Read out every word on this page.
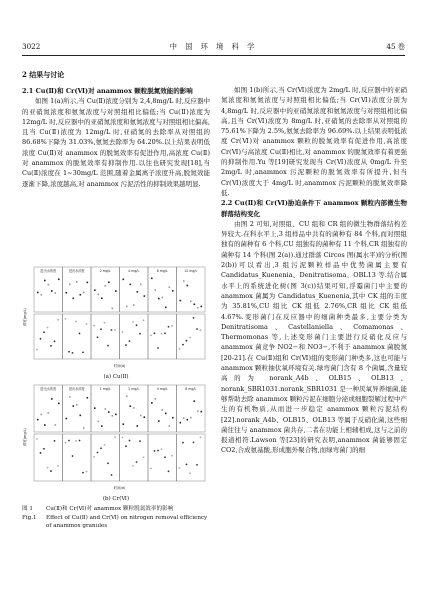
3022	中 国 环 境 科 学	45 卷
2 结果与讨论

2.1 Cu(Ⅱ)和 Cr(Ⅵ)对 anammox 颗粒脱氮效能的影响

如图 1(a)所示,当 Cu(Ⅱ)浓度分别为 2,4,8mg/L 时,反应器中的亚硝氮浓度和氨氮浓度与对照组相比偏低;当 Cu(Ⅱ)浓度为 12mg/L 时,反应器中的亚硝氮浓度和氨氮浓度与对照组相比偏高,且当 Cu(Ⅱ)浓度为 12mg/L 时,亚硝氮的去除率从对照组的 86.68%下降为 31.03%,氨氮去除率为 64.20%.以上结果表明低浓度 Cu(Ⅱ)对 anammox 的脱氮效率有促进作用,高浓度 Cu(Ⅱ)对 anammox 的脱氮效率有抑制作用.以往也研究发现[18],当 Cu(Ⅱ)浓度在 1~30mg/L 范围,随着金属离子浓度升高,脱氮效能逐渐下降,浓度越高,对 anammox 污泥活性的抑制效果越明显.

进出水浓度	进出水浓度	2 mg/L	4 mg/L	8 mg/L	12 mg/L
浓度(mg/L)
时间(d)
(a) Cu(Ⅱ)
进出水浓度	进出水浓度	1 mg/L	2 mg/L	4 mg/L	8 mg/L
浓度(mg/L)
时间(d)
(b) Cr(Ⅵ)
图 1	Cu(Ⅱ)和 Cr(Ⅵ)对 anammox 颗粒脱氮效率的影响
Fig.1	Effect of Cu(Ⅱ) and Cr(Ⅵ) on nitrogen removal efficiency of anammox granules

如图 1(b)所示,当 Cr(Ⅵ)浓度为 2mg/L 时,反应器中的亚硝氮浓度和氨氮浓度与对照组相比偏低;当 Cr(Ⅵ)浓度分别为 4,8mg/L 时,反应器中的亚硝氮浓度和氨氮浓度与对照组相比偏高,且当 Cr(Ⅵ)浓度为 8mg/L 时,亚硝氮的去除率从对照组的 75.61%下降为 2.5%,氨氮去除率为 96.69%.以上结果表明低浓度 Cr(Ⅵ)对 anammox 颗粒的脱氮效率有促进作用,高浓度 Cr(Ⅵ)与高浓度 Cu(Ⅱ)相比,对 anammox 的脱氮效率有着更强的抑制作用.Yu 等[19]研究发现当 Cr(Ⅵ)浓度从 0mg/L 升至 2mg/L 时,anammox 污泥颗粒的脱氮效率有所提升,但当 Cr(Ⅵ)浓度大于 4mg/L 时,anammox 污泥颗粒的脱氮效率降低.

2.2 Cu(Ⅱ)和 Cr(Ⅵ)胁迫条件下 anammox 颗粒内部微生物群落结构变化

由图 2 可知,对照组、CU 组和 CR 组的微生物群落结构差异较大.在科水平上,3 组样品中共有的菌种有 84 个科,而对照组独有的菌种有 6 个科,CU 组独有的菌种有 11 个科,CR 组独有的菌种有 14 个科(图 2(a)).通过群落 Circos 图(属水平)的分析(图 2(b))可以看出,3 组污泥颗粒样品中优势菌属主要有 Candidatus_Kuenenia、Denitratisoma、OBL13 等.结合属水平上的系统进化树(图 3(c))结果可知,浮霉菌门中主要的 anammox 菌属为 Candidatus_Kuenenia,其中 CK 组的丰度为 35.81%,CU 组比 CK 组低 2.76%,CR 组比 CK 组低 4.67%.变形菌门在反应器中的细菌种类最多,主要分类为 Denitratisoma、Castellaniella、Comamonas、Thermomonas 等,上述变形菌门主要进行反硝化反应与 anammox 菌竞争 NO2−和 NO3−,不利于 anammox 菌脱氮[20-21].在 Cu(Ⅱ)组和 Cr(Ⅵ)组的变形菌门种类多,这也可能与 anammox 颗粒抽伏氧环境有关.绿弯菌门含有 8 个菌属,含量较高的为 norank_A4b、OLB15、OLB13、norank_SBR1031.norank_SBR1031 是一种厌氧异养细菌,能够帮助去除 anammox 颗粒污泥在细胞分泌或细胞裂解过程中产生的有机物质,从而进一步稳定 anammox 颗粒污泥结构[22].norank_A4b、OLB15、OLB13 等属于反硝化菌,这些细菌往往与 anammox 菌共存,二者在功能上相辅相成,这与之前的报道相符.Lawson 等[23]的研究表明,anammox 菌能够固定 CO2,合成氨基酸,形成胞外聚合物,而绿弯菌门的细
